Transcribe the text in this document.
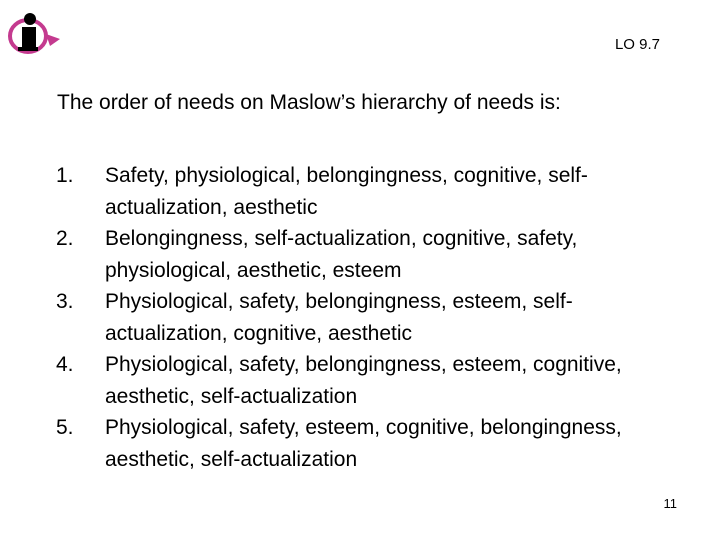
LO 9.7
The order of needs on Maslow’s hierarchy of needs is:
1.	Safety, physiological, belongingness, cognitive, self-actualization, aesthetic
2.	Belongingness, self-actualization, cognitive, safety, physiological, aesthetic, esteem
3.	Physiological, safety, belongingness, esteem, self-actualization, cognitive, aesthetic
4.	Physiological, safety, belongingness, esteem, cognitive, aesthetic, self-actualization
5.	Physiological, safety, esteem, cognitive, belongingness, aesthetic, self-actualization
11
